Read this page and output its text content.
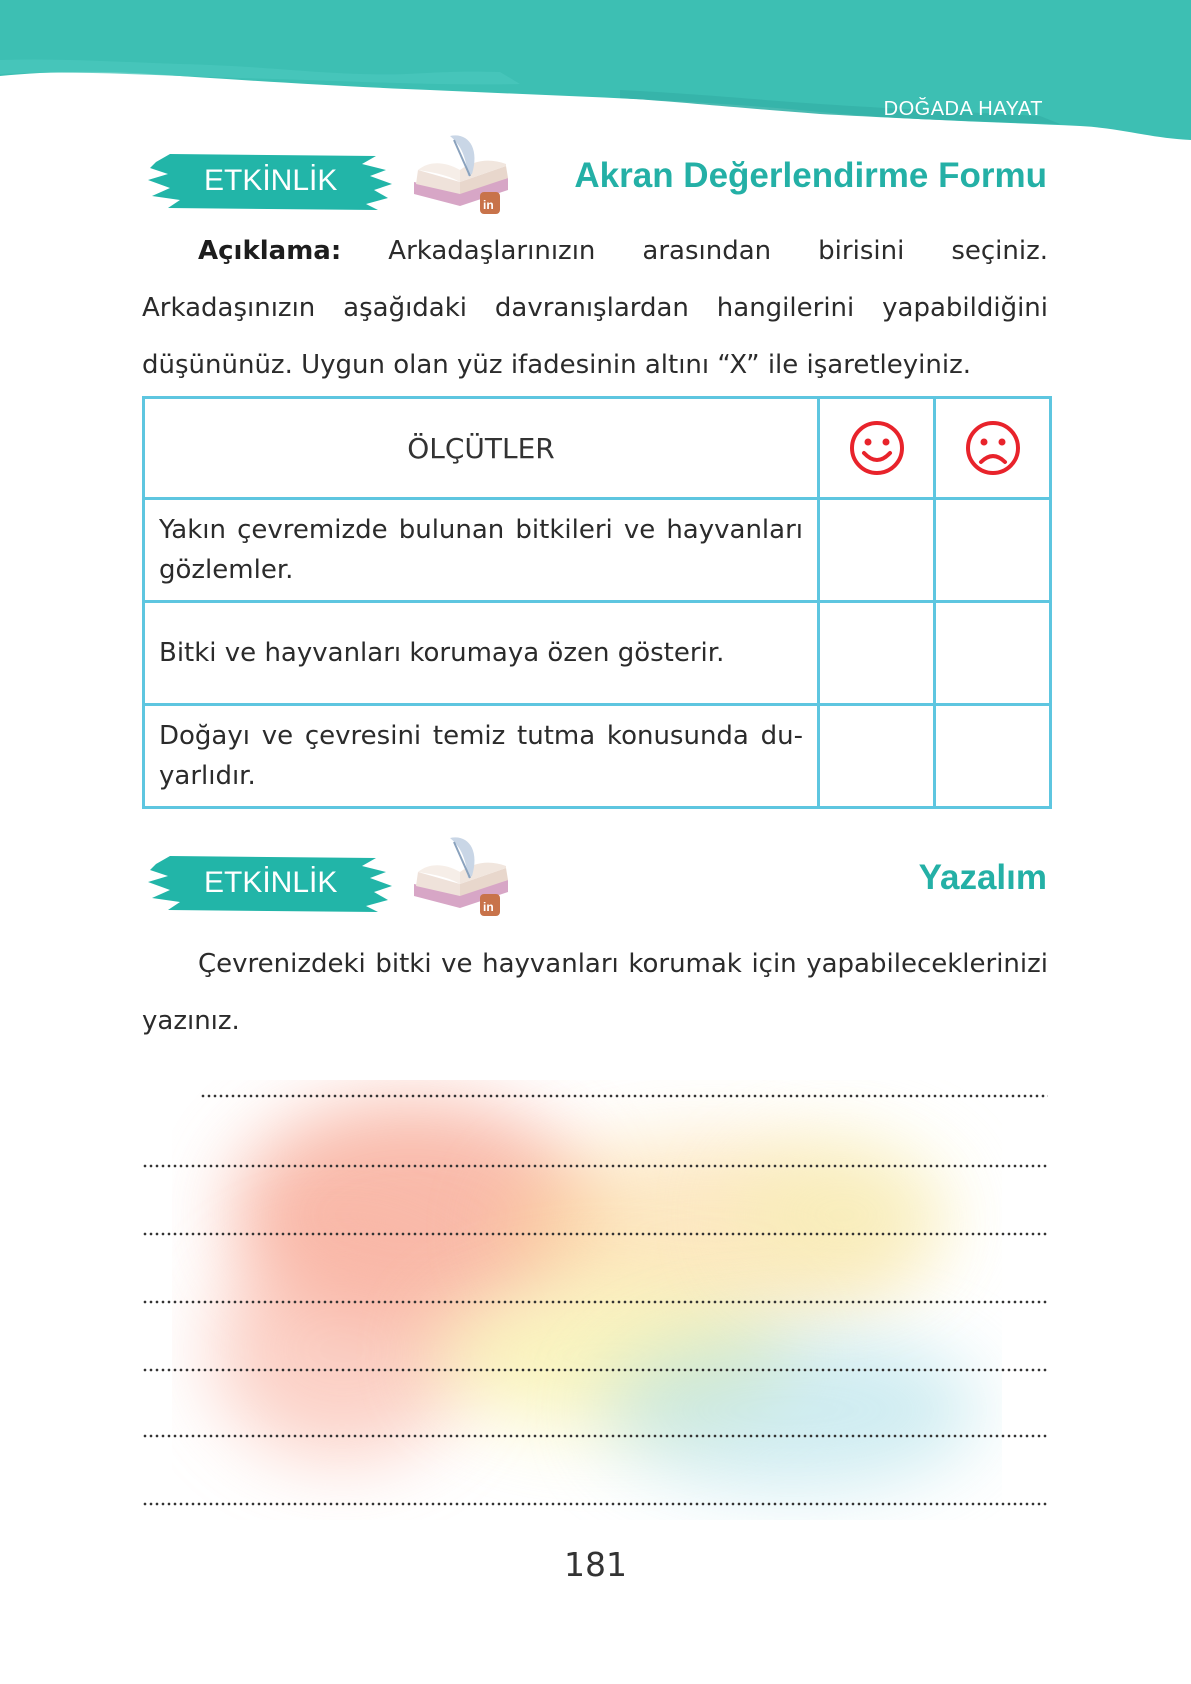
DOĞADA HAYAT
ETKİNLİK
in
Akran Değerlendirme Formu

Açıklama: Arkadaşlarınızın arasından birisini seçiniz. Arkadaşınızın aşağıdaki davranışlardan hangilerini yapabildiğini düşününüz. Uygun olan yüz ifadesinin altını “X” ile işaretleyiniz.

ÖLÇÜTLER	

Yakın çevremizde bulunan bitkileri ve hayvanları gözlemler.		
Bitki ve hayvanları korumaya özen gösterir.		
Doğayı ve çevresini temiz tutma konusunda du-yarlıdır.		
ETKİNLİK
in
Yazalım

Çevrenizdeki bitki ve hayvanları korumak için yapabileceklerinizi yazınız.

181
